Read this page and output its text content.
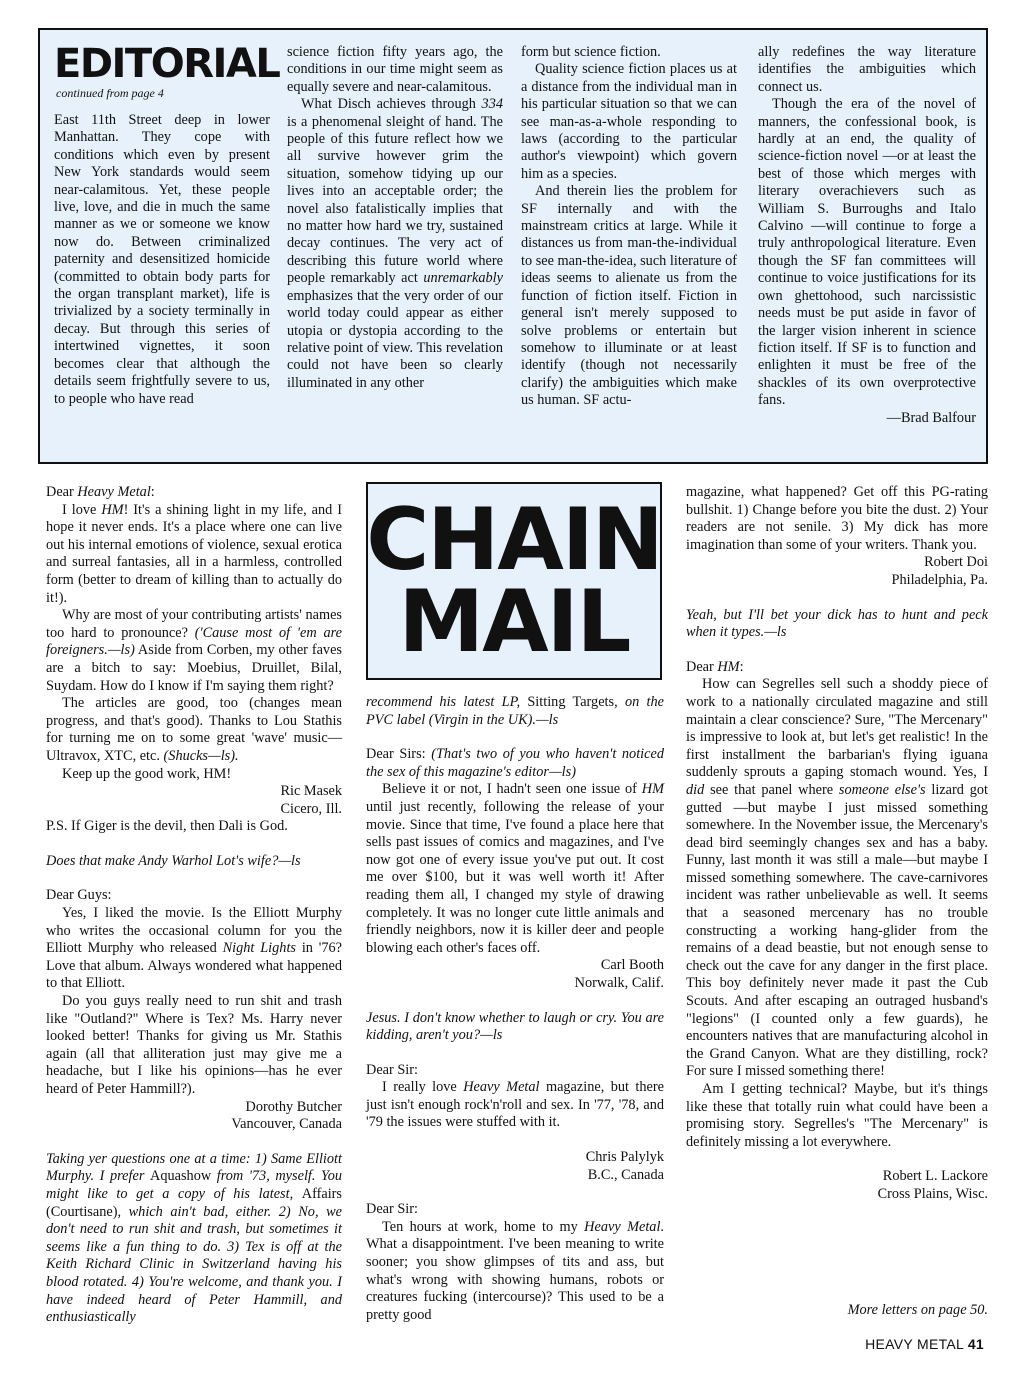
EDITORIAL
continued from page 4

East 11th Street deep in lower Manhattan. They cope with conditions which even by present New York standards would seem near-calamitous. Yet, these people live, love, and die in much the same manner as we or someone we know now do. Between criminalized paternity and desensitized homicide (committed to obtain body parts for the organ transplant market), life is trivialized by a society terminally in decay. But through this series of intertwined vignettes, it soon becomes clear that although the details seem frightfully severe to us, to people who have read

science fiction fifty years ago, the conditions in our time might seem as equally severe and near-calamitous.

What Disch achieves through 334 is a phenomenal sleight of hand. The people of this future reflect how we all survive however grim the situation, somehow tidying up our lives into an acceptable order; the novel also fatalistically implies that no matter how hard we try, sustained decay continues. The very act of describing this future world where people remarkably act unremarkably emphasizes that the very order of our world today could appear as either utopia or dystopia according to the relative point of view. This revelation could not have been so clearly illuminated in any other

form but science fiction.

Quality science fiction places us at a distance from the individual man in his particular situation so that we can see man-as-a-whole responding to laws (according to the particular author's viewpoint) which govern him as a species.

And therein lies the problem for SF internally and with the mainstream critics at large. While it distances us from man-the-individual to see man-the-idea, such literature of ideas seems to alienate us from the function of fiction itself. Fiction in general isn't merely supposed to solve problems or entertain but somehow to illuminate or at least identify (though not necessarily clarify) the ambiguities which make us human. SF actu-

ally redefines the way literature identifies the ambiguities which connect us.

Though the era of the novel of manners, the confessional book, is hardly at an end, the quality of science-fiction novel —or at least the best of those which merges with literary overachievers such as William S. Burroughs and Italo Calvino —will continue to forge a truly anthropological literature. Even though the SF fan committees will continue to voice justifications for its own ghettohood, such narcissistic needs must be put aside in favor of the larger vision inherent in science fiction itself. If SF is to function and enlighten it must be free of the shackles of its own overprotective fans.

—Brad Balfour

Dear Heavy Metal:

I love HM! It's a shining light in my life, and I hope it never ends. It's a place where one can live out his internal emotions of violence, sexual erotica and surreal fantasies, all in a harmless, controlled form (better to dream of killing than to actually do it!).

Why are most of your contributing artists' names too hard to pronounce? ('Cause most of 'em are foreigners.—ls) Aside from Corben, my other faves are a bitch to say: Moebius, Druillet, Bilal, Suydam. How do I know if I'm saying them right?

The articles are good, too (changes mean progress, and that's good). Thanks to Lou Stathis for turning me on to some great 'wave' music—Ultravox, XTC, etc. (Shucks—ls).

Keep up the good work, HM!

Ric Masek

Cicero, Ill.

P.S. If Giger is the devil, then Dali is God.

Does that make Andy Warhol Lot's wife?—ls

Dear Guys:

Yes, I liked the movie. Is the Elliott Murphy who writes the occasional column for you the Elliott Murphy who released Night Lights in '76? Love that album. Always wondered what happened to that Elliott.

Do you guys really need to run shit and trash like "Outland?" Where is Tex? Ms. Harry never looked better! Thanks for giving us Mr. Stathis again (all that alliteration just may give me a headache, but I like his opinions—has he ever heard of Peter Hammill?).

Dorothy Butcher

Vancouver, Canada

Taking yer questions one at a time: 1) Same Elliott Murphy. I prefer Aquashow from '73, myself. You might like to get a copy of his latest, Affairs (Courtisane), which ain't bad, either. 2) No, we don't need to run shit and trash, but sometimes it seems like a fun thing to do. 3) Tex is off at the Keith Richard Clinic in Switzerland having his blood rotated. 4) You're welcome, and thank you. I have indeed heard of Peter Hammill, and enthusiastically

CHAIN
MAIL

recommend his latest LP, Sitting Targets, on the PVC label (Virgin in the UK).—ls

Dear Sirs: (That's two of you who haven't noticed the sex of this magazine's editor—ls)

Believe it or not, I hadn't seen one issue of HM until just recently, following the release of your movie. Since that time, I've found a place here that sells past issues of comics and magazines, and I've now got one of every issue you've put out. It cost me over $100, but it was well worth it! After reading them all, I changed my style of drawing completely. It was no longer cute little animals and friendly neighbors, now it is killer deer and people blowing each other's faces off.

Carl Booth

Norwalk, Calif.

Jesus. I don't know whether to laugh or cry. You are kidding, aren't you?—ls

Dear Sir:

I really love Heavy Metal magazine, but there just isn't enough rock'n'roll and sex. In '77, '78, and '79 the issues were stuffed with it.

Chris Palylyk

B.C., Canada

Dear Sir:

Ten hours at work, home to my Heavy Metal. What a disappointment. I've been meaning to write sooner; you show glimpses of tits and ass, but what's wrong with showing humans, robots or creatures fucking (intercourse)? This used to be a pretty good

magazine, what happened? Get off this PG-rating bullshit. 1) Change before you bite the dust. 2) Your readers are not senile. 3) My dick has more imagination than some of your writers. Thank you.

Robert Doi

Philadelphia, Pa.

Yeah, but I'll bet your dick has to hunt and peck when it types.—ls

Dear HM:

How can Segrelles sell such a shoddy piece of work to a nationally circulated magazine and still maintain a clear conscience? Sure, "The Mercenary" is impressive to look at, but let's get realistic! In the first installment the barbarian's flying iguana suddenly sprouts a gaping stomach wound. Yes, I did see that panel where someone else's lizard got gutted —but maybe I just missed something somewhere. In the November issue, the Mercenary's dead bird seemingly changes sex and has a baby. Funny, last month it was still a male—but maybe I missed something somewhere. The cave-carnivores incident was rather unbelievable as well. It seems that a seasoned mercenary has no trouble constructing a working hang-glider from the remains of a dead beastie, but not enough sense to check out the cave for any danger in the first place. This boy definitely never made it past the Cub Scouts. And after escaping an outraged husband's "legions" (I counted only a few guards), he encounters natives that are manufacturing alcohol in the Grand Canyon. What are they distilling, rock? For sure I missed something there!

Am I getting technical? Maybe, but it's things like these that totally ruin what could have been a promising story. Segrelles's "The Mercenary" is definitely missing a lot everywhere.

Robert L. Lackore

Cross Plains, Wisc.

More letters on page 50.
HEAVY METAL 41
